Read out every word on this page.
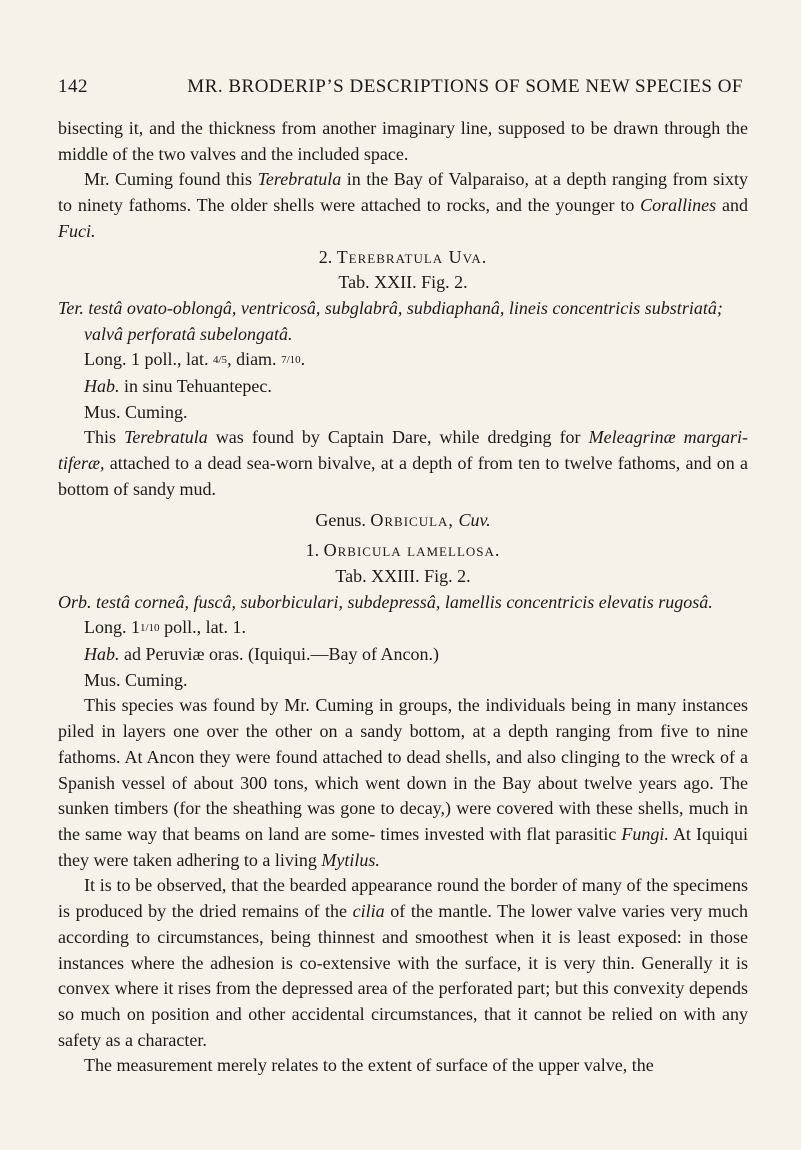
142	MR. BRODERIP’S DESCRIPTIONS OF SOME NEW SPECIES OF

bisecting it, and the thickness from another imaginary line, supposed to be drawn through the middle of the two valves and the included space.

Mr. Cuming found this Terebratula in the Bay of Valparaiso, at a depth ranging from sixty to ninety fathoms. The older shells were attached to rocks, and the younger to Corallines and Fuci.

2. Terebratula Uva.

Tab. XXII. Fig. 2.

Ter. testâ ovato-oblongâ, ventricosâ, subglabrâ, subdiaphanâ, lineis concentricis substriatâ;
valvâ perforatâ subelongatâ.

Long. 1 poll., lat. 4/5, diam. 7/10.

Hab. in sinu Tehuantepec.

Mus. Cuming.

This Terebratula was found by Captain Dare, while dredging for Meleagrinæ margari- tiferæ, attached to a dead sea-worn bivalve, at a depth of from ten to twelve fathoms, and on a bottom of sandy mud.

Genus. Orbicula, Cuv.

1. Orbicula lamellosa.

Tab. XXIII. Fig. 2.

Orb. testâ corneâ, fuscâ, suborbiculari, subdepressâ, lamellis concentricis elevatis rugosâ.

Long. 11/10 poll., lat. 1.

Hab. ad Peruviæ oras. (Iquiqui.—Bay of Ancon.)

Mus. Cuming.

This species was found by Mr. Cuming in groups, the individuals being in many instances piled in layers one over the other on a sandy bottom, at a depth ranging from five to nine fathoms. At Ancon they were found attached to dead shells, and also clinging to the wreck of a Spanish vessel of about 300 tons, which went down in the Bay about twelve years ago. The sunken timbers (for the sheathing was gone to decay,) were covered with these shells, much in the same way that beams on land are some- times invested with flat parasitic Fungi. At Iquiqui they were taken adhering to a living Mytilus.

It is to be observed, that the bearded appearance round the border of many of the specimens is produced by the dried remains of the cilia of the mantle. The lower valve varies very much according to circumstances, being thinnest and smoothest when it is least exposed: in those instances where the adhesion is co-extensive with the surface, it is very thin. Generally it is convex where it rises from the depressed area of the perforated part; but this convexity depends so much on position and other accidental circumstances, that it cannot be relied on with any safety as a character.

The measurement merely relates to the extent of surface of the upper valve, the
